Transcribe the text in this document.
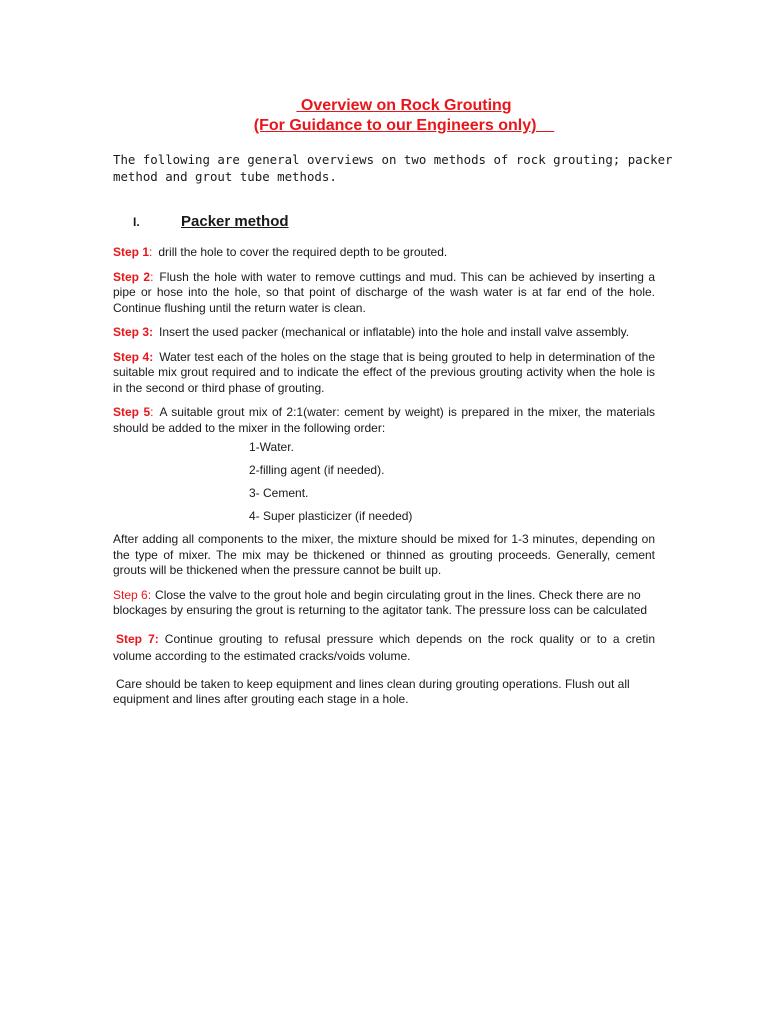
Overview on Rock Grouting
(For Guidance to our Engineers only)
The following are general overviews on two methods of rock grouting; packer method and grout tube methods.
I.	Packer method

Step 1: drill the hole to cover the required depth to be grouted.

Step 2: Flush the hole with water to remove cuttings and mud. This can be achieved by inserting a pipe or hose into the hole, so that point of discharge of the wash water is at far end of the hole. Continue flushing until the return water is clean.

Step 3: Insert the used packer (mechanical or inflatable) into the hole and install valve assembly.

Step 4: Water test each of the holes on the stage that is being grouted to help in determination of the suitable mix grout required and to indicate the effect of the previous grouting activity when the hole is in the second or third phase of grouting.

Step 5: A suitable grout mix of 2:1(water: cement by weight) is prepared in the mixer, the materials should be added to the mixer in the following order:

1-Water.
2-filling agent (if needed).
3- Cement.
4- Super plasticizer (if needed)

After adding all components to the mixer, the mixture should be mixed for 1-3 minutes, depending on the type of mixer. The mix may be thickened or thinned as grouting proceeds. Generally, cement grouts will be thickened when the pressure cannot be built up.

Step 6: Close the valve to the grout hole and begin circulating grout in the lines. Check there are no blockages by ensuring the grout is returning to the agitator tank. The pressure loss can be calculated

Step 7: Continue grouting to refusal pressure which depends on the rock quality or to a cretin volume according to the estimated cracks/voids volume.

Care should be taken to keep equipment and lines clean during grouting operations. Flush out all equipment and lines after grouting each stage in a hole.
